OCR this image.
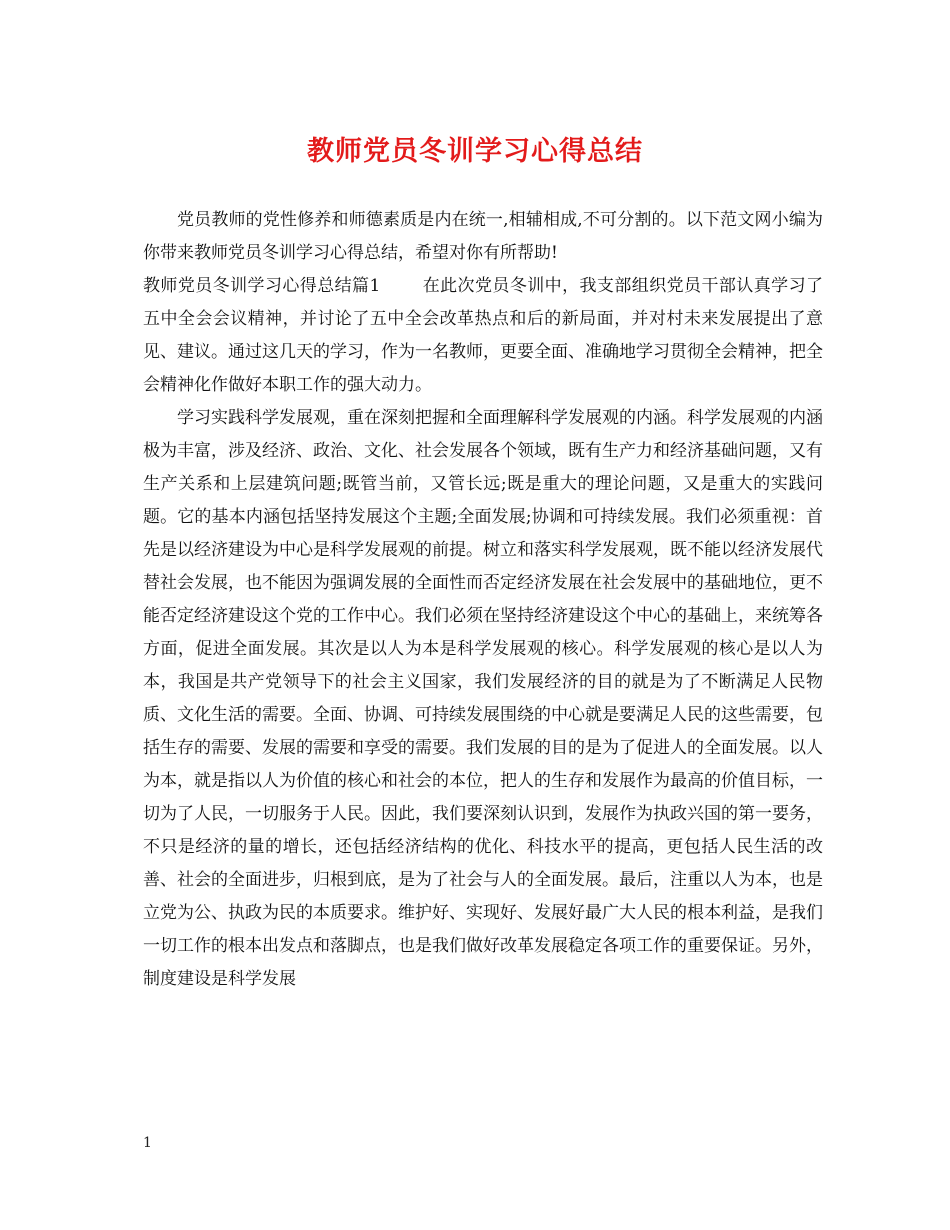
教师党员冬训学习心得总结

党员教师的党性修养和师德素质是内在统一,相辅相成,不可分割的。以下范文网小编为你带来教师党员冬训学习心得总结，希望对你有所帮助!

教师党员冬训学习心得总结篇1 在此次党员冬训中，我支部组织党员干部认真学习了五中全会会议精神，并讨论了五中全会改革热点和后的新局面，并对村未来发展提出了意见、建议。通过这几天的学习，作为一名教师，更要全面、准确地学习贯彻全会精神，把全会精神化作做好本职工作的强大动力。

学习实践科学发展观，重在深刻把握和全面理解科学发展观的内涵。科学发展观的内涵极为丰富，涉及经济、政治、文化、社会发展各个领域，既有生产力和经济基础问题，又有生产关系和上层建筑问题;既管当前，又管长远;既是重大的理论问题，又是重大的实践问题。它的基本内涵包括坚持发展这个主题;全面发展;协调和可持续发展。我们必须重视：首先是以经济建设为中心是科学发展观的前提。树立和落实科学发展观，既不能以经济发展代替社会发展，也不能因为强调发展的全面性而否定经济发展在社会发展中的基础地位，更不能否定经济建设这个党的工作中心。我们必须在坚持经济建设这个中心的基础上，来统筹各方面，促进全面发展。其次是以人为本是科学发展观的核心。科学发展观的核心是以人为本，我国是共产党领导下的社会主义国家，我们发展经济的目的就是为了不断满足人民物质、文化生活的需要。全面、协调、可持续发展围绕的中心就是要满足人民的这些需要，包括生存的需要、发展的需要和享受的需要。我们发展的目的是为了促进人的全面发展。以人为本，就是指以人为价值的核心和社会的本位，把人的生存和发展作为最高的价值目标，一切为了人民，一切服务于人民。因此，我们要深刻认识到，发展作为执政兴国的第一要务，不只是经济的量的增长，还包括经济结构的优化、科技水平的提高，更包括人民生活的改善、社会的全面进步，归根到底，是为了社会与人的全面发展。最后，注重以人为本，也是立党为公、执政为民的本质要求。维护好、实现好、发展好最广大人民的根本利益，是我们一切工作的根本出发点和落脚点，也是我们做好改革发展稳定各项工作的重要保证。另外，制度建设是科学发展

1
